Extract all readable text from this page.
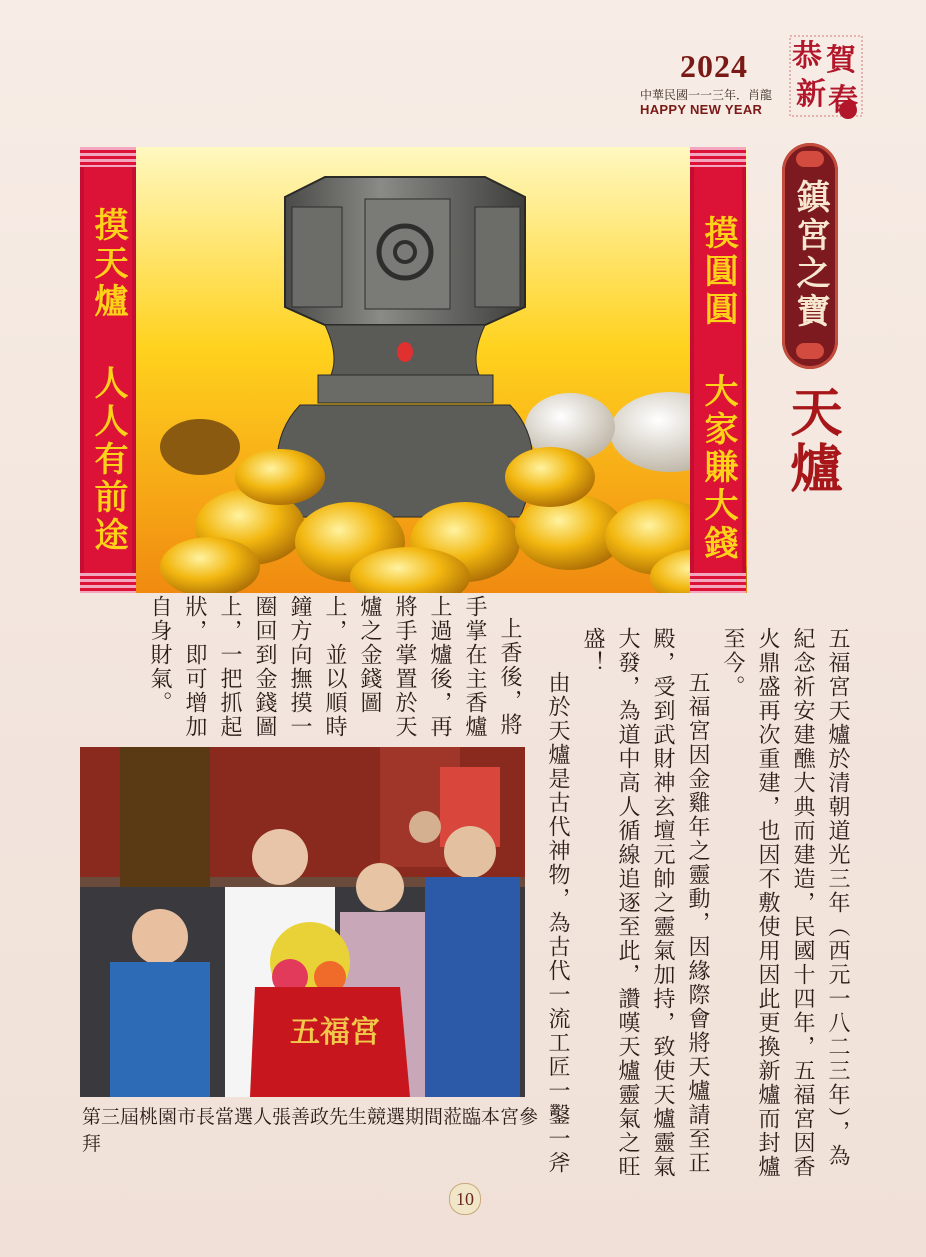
2024
中華民國一一三年．肖龍
HAPPY NEW YEAR
恭 賀
新 春
摸天爐 人人有前途	摸圓圓 大家賺大錢 鎮宮之寶
天爐

五福宮天爐於清朝道光三年（西元一八二三年），為紀念祈安建醮大典而建造，民國十四年，五福宮因香火鼎盛再次重建，也因不敷使用因此更換新爐而封爐至今。

五福宮因金雞年之靈動，因緣際會將天爐請至正殿，受到武財神玄壇元帥之靈氣加持，致使天爐靈氣大發，為道中高人循線追逐至此，讚嘆天爐靈氣之旺盛！

由於天爐是古代神物，為古代一流工匠一鑿一斧

上香後，將手掌在主香爐上過爐後，再將手掌置於天爐之金錢圖上，並以順時鐘方向撫摸一圈回到金錢圖上，一把抓起狀，即可增加自身財氣。

五福宮
第三屆桃園市長當選人張善政先生競選期間蒞臨本宮參拜
10
